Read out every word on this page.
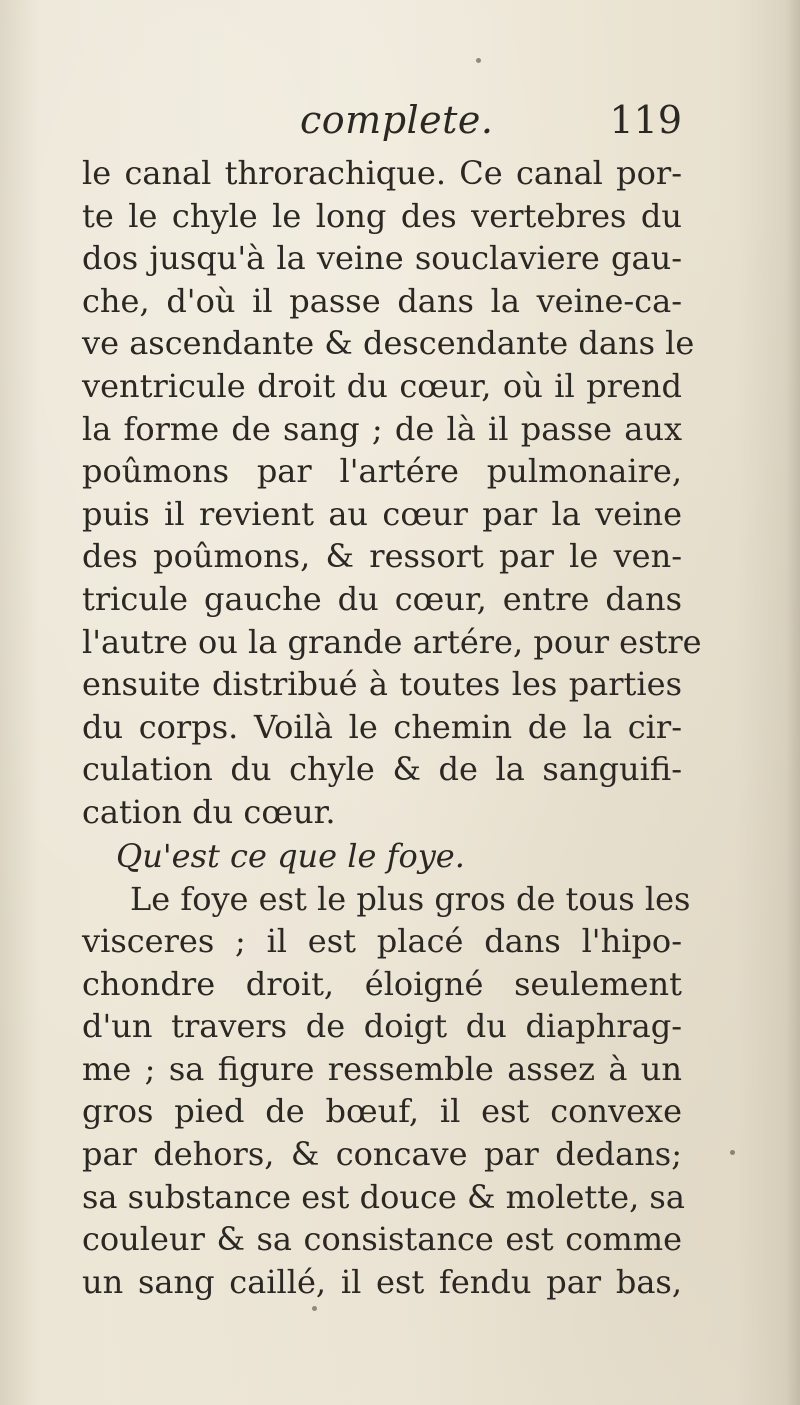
complete.	119
le canal throrachique. Ce canal por-
te le chyle le long des vertebres du
dos jusqu'à la veine souclaviere gau-
che, d'où il passe dans la veine-ca-
ve ascendante & descendante dans le
ventricule droit du cœur, où il prend
la forme de sang ; de là il passe aux
poûmons par l'artére pulmonaire,
puis il revient au cœur par la veine
des poûmons, & ressort par le ven-
tricule gauche du cœur, entre dans
l'autre ou la grande artére, pour estre
ensuite distribué à toutes les parties
du corps. Voilà le chemin de la cir-
culation du chyle & de la sanguifi-
cation du cœur.
Qu'est ce que le foye.
Le foye est le plus gros de tous les
visceres ; il est placé dans l'hipo-
chondre droit, éloigné seulement
d'un travers de doigt du diaphrag-
me ; sa figure ressemble assez à un
gros pied de bœuf, il est convexe
par dehors, & concave par dedans;
sa substance est douce & molette, sa
couleur & sa consistance est comme
un sang caillé, il est fendu par bas,
